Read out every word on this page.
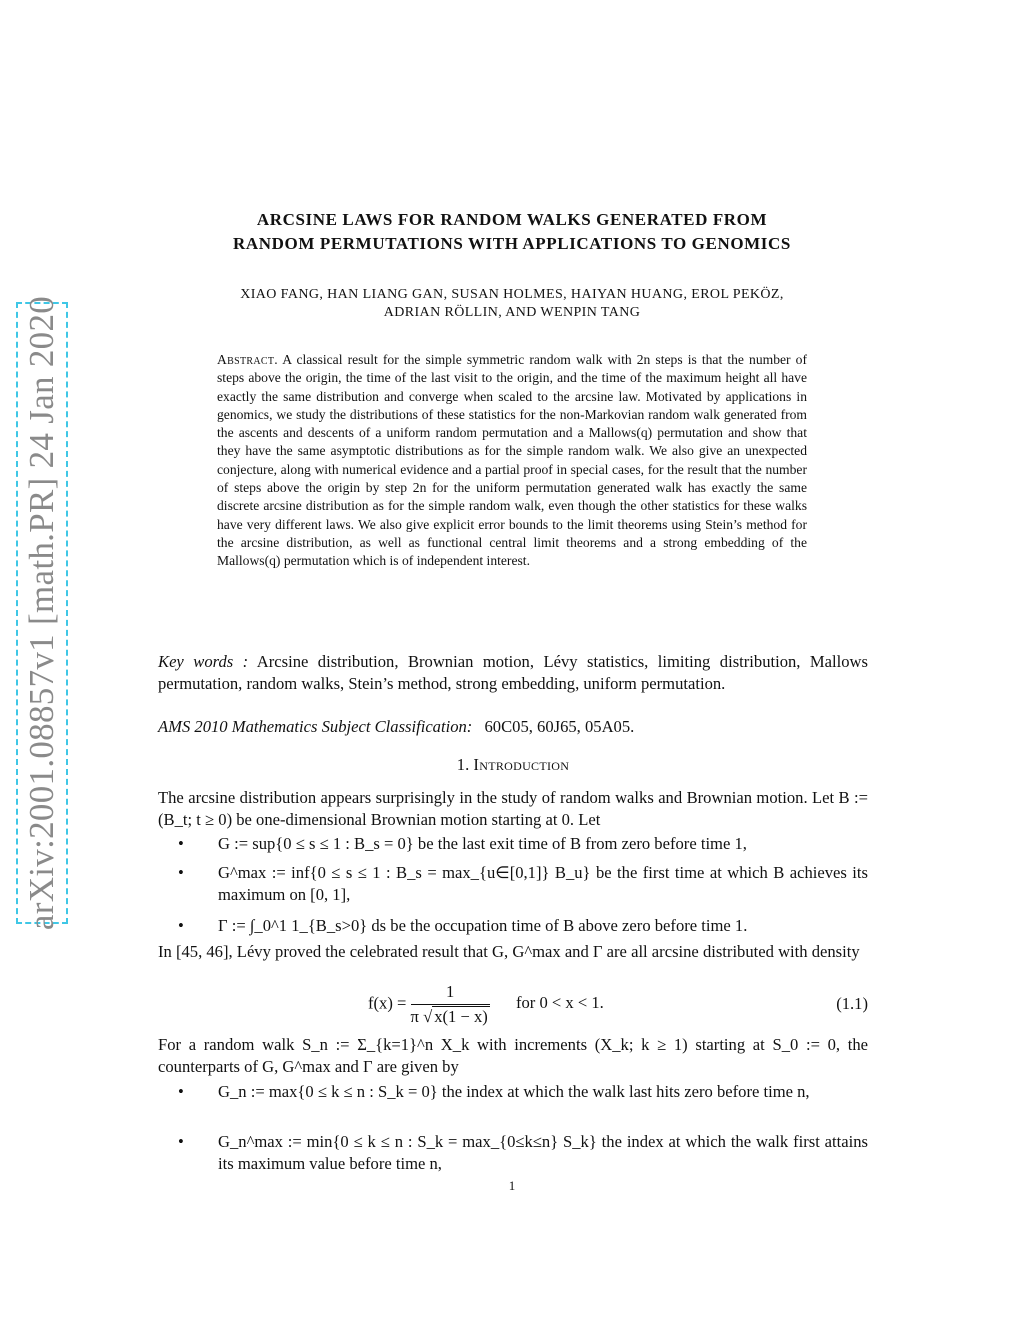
arXiv:2001.08857v1 [math.PR] 24 Jan 2020
ARCSINE LAWS FOR RANDOM WALKS GENERATED FROM
RANDOM PERMUTATIONS WITH APPLICATIONS TO GENOMICS
XIAO FANG, HAN LIANG GAN, SUSAN HOLMES, HAIYAN HUANG, EROL PEKÖZ,
ADRIAN RÖLLIN, AND WENPIN TANG
Abstract. A classical result for the simple symmetric random walk with 2n steps is that the number of steps above the origin, the time of the last visit to the origin, and the time of the maximum height all have exactly the same distribution and converge when scaled to the arcsine law. Motivated by applications in genomics, we study the distributions of these statistics for the non-Markovian random walk generated from the ascents and descents of a uniform random permutation and a Mallows(q) permutation and show that they have the same asymptotic distributions as for the simple random walk. We also give an unexpected conjecture, along with numerical evidence and a partial proof in special cases, for the result that the number of steps above the origin by step 2n for the uniform permutation generated walk has exactly the same discrete arcsine distribution as for the simple random walk, even though the other statistics for these walks have very different laws. We also give explicit error bounds to the limit theorems using Stein’s method for the arcsine distribution, as well as functional central limit theorems and a strong embedding of the Mallows(q) permutation which is of independent interest.
Key words : Arcsine distribution, Brownian motion, Lévy statistics, limiting distribution, Mallows permutation, random walks, Stein’s method, strong embedding, uniform permutation.
AMS 2010 Mathematics Subject Classification: 60C05, 60J65, 05A05.
1. Introduction
The arcsine distribution appears surprisingly in the study of random walks and Brownian motion. Let B := (B_t; t ≥ 0) be one-dimensional Brownian motion starting at 0. Let
•	G := sup{0 ≤ s ≤ 1 : B_s = 0} be the last exit time of B from zero before time 1,
•	G^max := inf{0 ≤ s ≤ 1 : B_s = max_{u∈[0,1]} B_u} be the first time at which B achieves its maximum on [0, 1],
•	Γ := ∫_0^1 1_{B_s>0} ds be the occupation time of B above zero before time 1.
In [45, 46], Lévy proved the celebrated result that G, G^max and Γ are all arcsine distributed with density
$f(x) = \frac{1}{\pi √ x(1 - x)}$ for 0 < x < 1.	(1.1)
For a random walk S_n := Σ_{k=1}^n X_k with increments (X_k; k ≥ 1) starting at S_0 := 0, the counterparts of G, G^max and Γ are given by
•	G_n := max{0 ≤ k ≤ n : S_k = 0} the index at which the walk last hits zero before time n,
•	G_n^max := min{0 ≤ k ≤ n : S_k = max_{0≤k≤n} S_k} the index at which the walk first attains its maximum value before time n,
1
